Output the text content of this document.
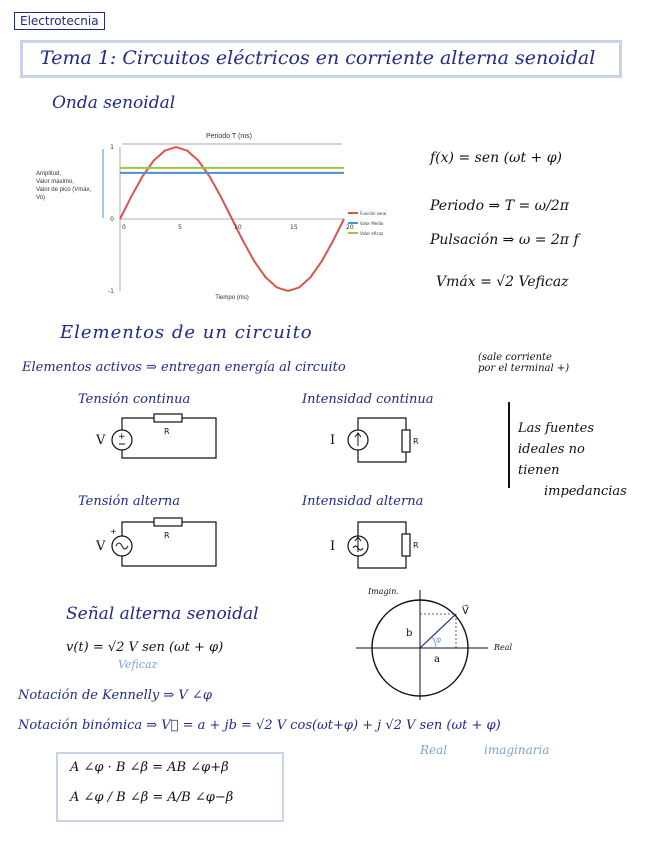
Electrotecnia
Tema 1: Circuitos eléctricos en corriente alterna senoidal
Onda senoidal
Periodo T (ms)
Amplitud,
Valor máximo,
Valor de pico (Vmáx,
Vo)
0	5	10	15	20
1
0
-1
Tiempo (ms)
Función seno
Valor Medio
Valor eficaz
f(x) = sen (ωt + φ)
Periodo ⇒ T = ω/2π
Pulsación ⇒ ω = 2π f
Vmáx = √2 Veficaz
Elementos de un circuito
Elementos activos ⇒ entregan energía al circuito
(sale corriente
por el terminal +)
Tensión continua	Intensidad continua
Tensión alterna	Intensidad alterna
V +
R
I	R
V
+	R
I	R
Las fuentes
ideales no
tienen
impedancias
Señal alterna senoidal
v(t) = √2 V sen (ωt + φ)
Veficaz
Imagin.
Real
φ
b
a
V⃗
Notación de Kennelly ⇒ V ∠φ
Notación binómica ⇒ V⃗ = a + jb = √2 V cos(ωt+φ) + j √2 V sen (ωt + φ)
Real	imaginaria
A ∠φ · B ∠β = AB ∠φ+β
A ∠φ / B ∠β = A/B ∠φ−β
